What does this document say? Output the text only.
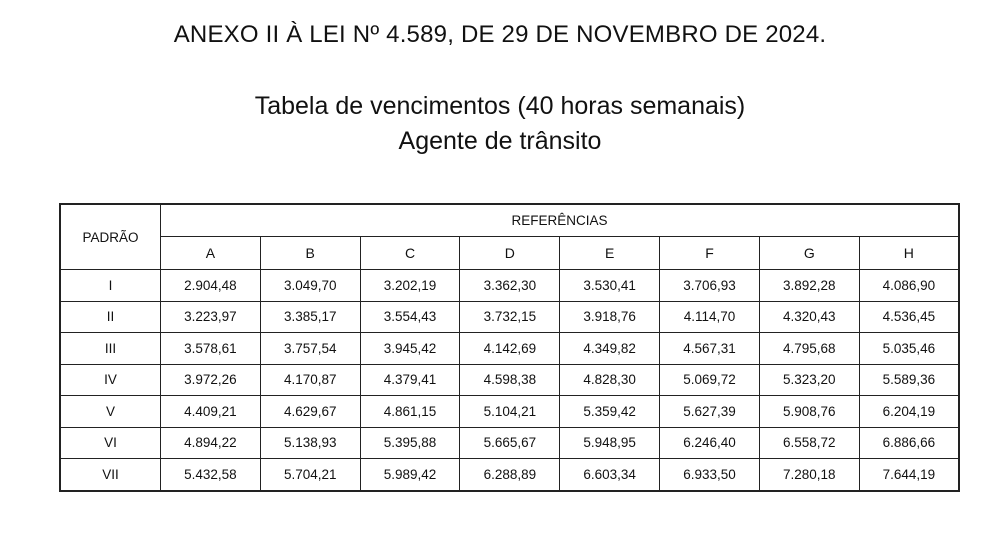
ANEXO II À LEI Nº 4.589, DE 29 DE NOVEMBRO DE 2024.
Tabela de vencimentos (40 horas semanais)
Agente de trânsito
PADRÃO	REFERÊNCIAS							
	A	B	C	D	E	F	G	H
I	2.904,48	3.049,70	3.202,19	3.362,30	3.530,41	3.706,93	3.892,28	4.086,90
II	3.223,97	3.385,17	3.554,43	3.732,15	3.918,76	4.114,70	4.320,43	4.536,45
III	3.578,61	3.757,54	3.945,42	4.142,69	4.349,82	4.567,31	4.795,68	5.035,46
IV	3.972,26	4.170,87	4.379,41	4.598,38	4.828,30	5.069,72	5.323,20	5.589,36
V	4.409,21	4.629,67	4.861,15	5.104,21	5.359,42	5.627,39	5.908,76	6.204,19
VI	4.894,22	5.138,93	5.395,88	5.665,67	5.948,95	6.246,40	6.558,72	6.886,66
VII	5.432,58	5.704,21	5.989,42	6.288,89	6.603,34	6.933,50	7.280,18	7.644,19
